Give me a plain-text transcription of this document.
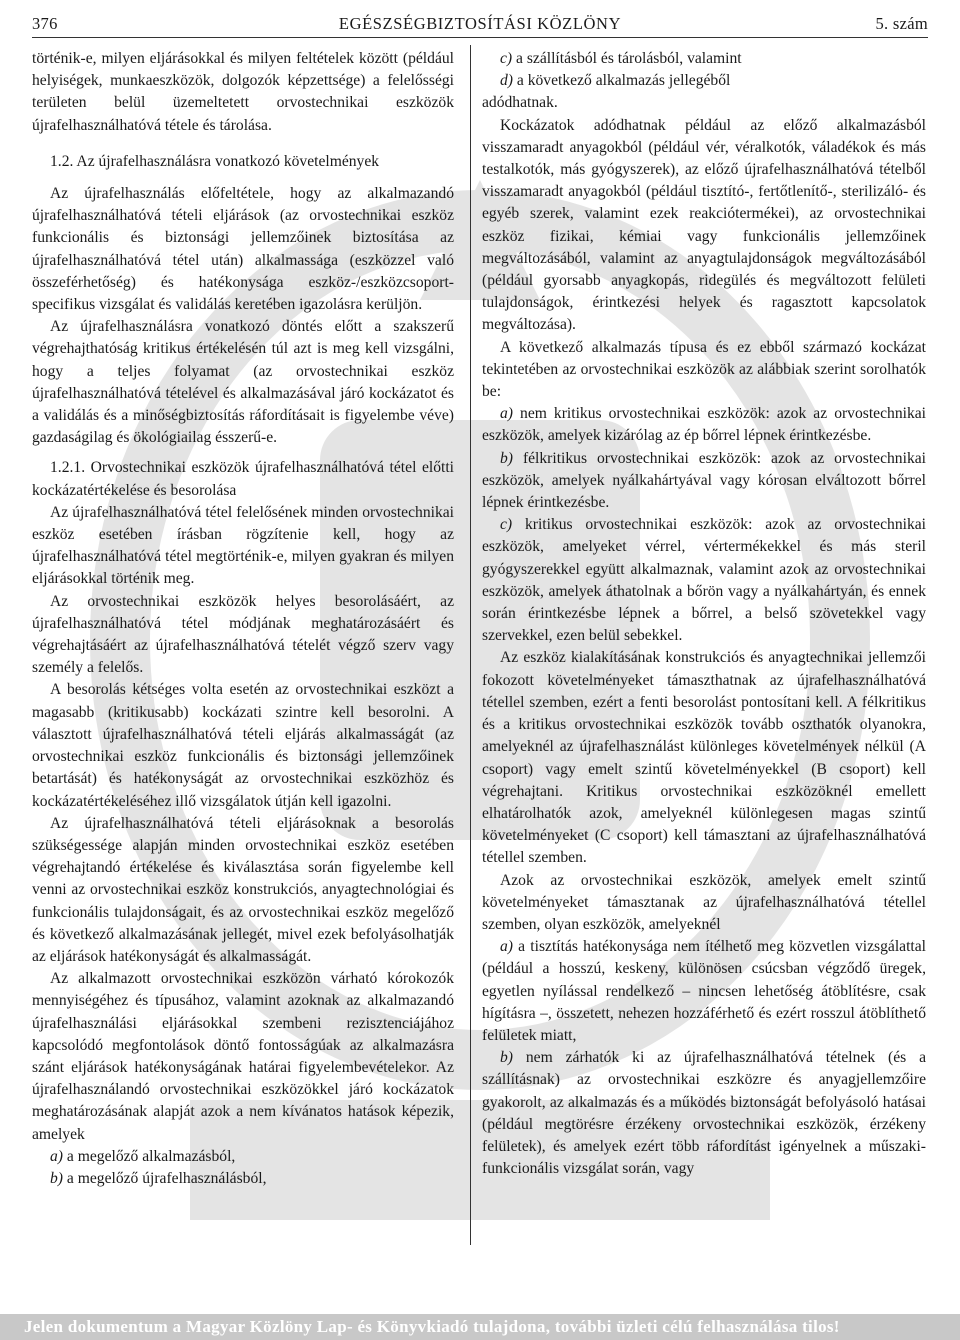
376	EGÉSZSÉGBIZTOSÍTÁSI KÖZLÖNY	5. szám

történik-e, milyen eljárásokkal és milyen feltételek között (például helyiségek, munkaeszközök, dolgozók képzettsége) a felelősségi területen belül üzemeltetett orvostechnikai eszközök újrafelhasználhatóvá tétele és tárolása.

1.2. Az újrafelhasználásra vonatkozó követelmények

Az újrafelhasználás előfeltétele, hogy az alkalmazandó újrafelhasználhatóvá tételi eljárások (az orvostechnikai eszköz funkcionális és biztonsági jellemzőinek biztosítása az újrafelhasználhatóvá tétel után) alkalmassága (eszközzel való összeférhetőség) és hatékonysága eszköz-/eszközcsoport-specifikus vizsgálat és validálás keretében igazolásra kerüljön.

Az újrafelhasználásra vonatkozó döntés előtt a szakszerű végrehajthatóság kritikus értékelésén túl azt is meg kell vizsgálni, hogy a teljes folyamat (az orvostechnikai eszköz újrafelhasználhatóvá tételével és alkalmazásával járó kockázatot és a validálás és a minőségbiztosítás ráfordításait is figyelembe véve) gazdaságilag és ökológiailag ésszerű-e.

1.2.1. Orvostechnikai eszközök újrafelhasználhatóvá tétel előtti kockázatértékelése és besorolása

Az újrafelhasználhatóvá tétel felelősének minden orvostechnikai eszköz esetében írásban rögzítenie kell, hogy az újrafelhasználhatóvá tétel megtörténik-e, milyen gyakran és milyen eljárásokkal történik meg.

Az orvostechnikai eszközök helyes besorolásáért, az újrafelhasználhatóvá tétel módjának meghatározásáért és végrehajtásáért az újrafelhasználhatóvá tételét végző szerv vagy személy a felelős.

A besorolás kétséges volta esetén az orvostechnikai eszközt a magasabb (kritikusabb) kockázati szintre kell besorolni. A választott újrafelhasználhatóvá tételi eljárás alkalmasságát (az orvostechnikai eszköz funkcionális és biztonsági jellemzőinek betartását) és hatékonyságát az orvostechnikai eszközhöz és kockázatértékeléséhez illő vizsgálatok útján kell igazolni.

Az újrafelhasználhatóvá tételi eljárásoknak a besorolás szükségessége alapján minden orvostechnikai eszköz esetében végrehajtandó értékelése és kiválasztása során figyelembe kell venni az orvostechnikai eszköz konstrukciós, anyagtechnológiai és funkcionális tulajdonságait, és az orvostechnikai eszköz megelőző és következő alkalmazásának jellegét, mivel ezek befolyásolhatják az eljárások hatékonyságát és alkalmasságát.

Az alkalmazott orvostechnikai eszközön várható kórokozók mennyiségéhez és típusához, valamint azoknak az alkalmazandó újrafelhasználási eljárásokkal szembeni rezisztenciájához kapcsolódó megfontolások döntő fontosságúak az alkalmazásra szánt eljárások hatékonyságának határai figyelembevételekor. Az újrafelhasználandó orvostechnikai eszközökkel járó kockázatok meghatározásának alapját azok a nem kívánatos hatások képezik, amelyek

a) a megelőző alkalmazásból,

b) a megelőző újrafelhasználásból,

c) a szállításból és tárolásból, valamint

d) a következő alkalmazás jellegéből

adódhatnak.

Kockázatok adódhatnak például az előző alkalmazásból visszamaradt anyagokból (például vér, véralkotók, váladékok és más testalkotók, más gyógyszerek), az előző újrafelhasználhatóvá tételből visszamaradt anyagokból (például tisztító-, fertőtlenítő-, sterilizáló- és egyéb szerek, valamint ezek reakciótermékei), az orvostechnikai eszköz fizikai, kémiai vagy funkcionális jellemzőinek megváltozásából, valamint az anyagtulajdonságok megváltozásából (például gyorsabb anyagkopás, ridegülés és megváltozott felületi tulajdonságok, érintkezési helyek és ragasztott kapcsolatok megváltozása).

A következő alkalmazás típusa és ez ebből származó kockázat tekintetében az orvostechnikai eszközök az alábbiak szerint sorolhatók be:

a) nem kritikus orvostechnikai eszközök: azok az orvostechnikai eszközök, amelyek kizárólag az ép bőrrel lépnek érintkezésbe.

b) félkritikus orvostechnikai eszközök: azok az orvostechnikai eszközök, amelyek nyálkahártyával vagy kórosan elváltozott bőrrel lépnek érintkezésbe.

c) kritikus orvostechnikai eszközök: azok az orvostechnikai eszközök, amelyeket vérrel, vértermékekkel és más steril gyógyszerekkel együtt alkalmaznak, valamint azok az orvostechnikai eszközök, amelyek áthatolnak a bőrön vagy a nyálkahártyán, és ennek során érintkezésbe lépnek a bőrrel, a belső szövetekkel vagy szervekkel, ezen belül sebekkel.

Az eszköz kialakításának konstrukciós és anyagtechnikai jellemzői fokozott követelményeket támaszthatnak az újrafelhasználhatóvá tétellel szemben, ezért a fenti besorolást pontosítani kell. A félkritikus és a kritikus orvostechnikai eszközök tovább oszthatók olyanokra, amelyeknél az újrafelhasználást különleges követelmények nélkül (A csoport) vagy emelt szintű követelményekkel (B csoport) kell végrehajtani. Kritikus orvostechnikai eszközöknél emellett elhatárolhatók azok, amelyeknél különlegesen magas szintű követelményeket (C csoport) kell támasztani az újrafelhasználhatóvá tétellel szemben.

Azok az orvostechnikai eszközök, amelyek emelt szintű követelményeket támasztanak az újrafelhasználhatóvá tétellel szemben, olyan eszközök, amelyeknél

a) a tisztítás hatékonysága nem ítélhető meg közvetlen vizsgálattal (például a hosszú, keskeny, különösen csúcsban végződő üregek, egyetlen nyílással rendelkező – nincsen lehetőség átöblítésre, csak hígításra –, összetett, nehezen hozzáférhető és ezért rosszul átöblíthető felületek miatt,

b) nem zárhatók ki az újrafelhasználhatóvá tételnek (és a szállításnak) az orvostechnikai eszközre és anyagjellemzőire gyakorolt, az alkalmazás és a működés biztonságát befolyásoló hatásai (például megtörésre érzékeny orvostechnikai eszközök, érzékeny felületek), és amelyek ezért több ráfordítást igényelnek a műszaki-funkcionális vizsgálat során, vagy

Jelen dokumentum a Magyar Közlöny Lap- és Könyvkiadó tulajdona, további üzleti célú felhasználása tilos!
